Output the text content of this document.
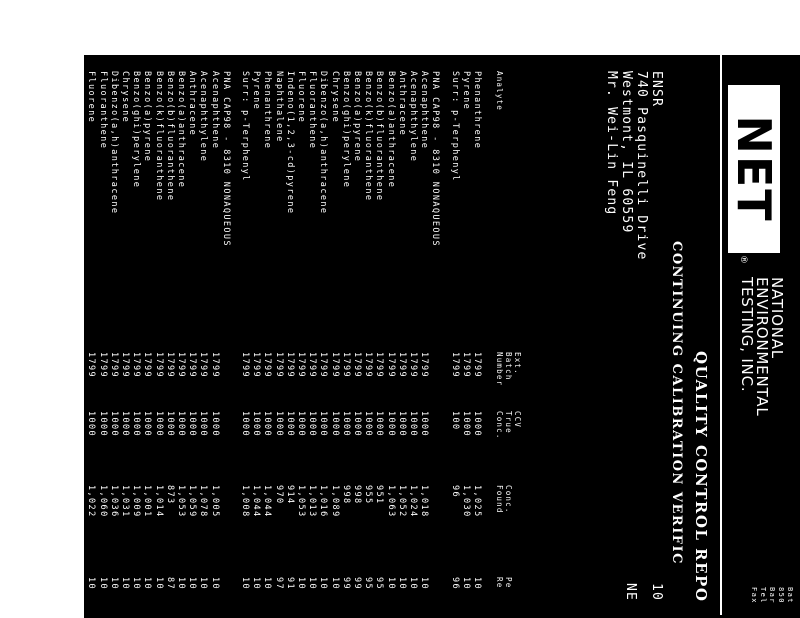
NET
®
NATIONAL
ENVIRONMENTAL
TESTING, INC.
Bat
850
Bar
Tel
Fax
QUALITY CONTROL REPO
CONTINUING CALIBRATION VERIFIC
10
NE
ENSR
740 Pasquinelli Drive
Westmont, IL 60559
Mr. Wei-Lin Feng
Analyte
Ext.
Batch
Number
CCV
True
Conc.
Conc.
Found
Pe
Re
Phenanthrene
1799
1000
1,025
10
Pyrene
1799
1000
1,030
10
Surr: p-Terphenyl
1799
100
96
96
PNA CAP98 - 8310 NONAQUEOUS
Acenaphthene
1799
1000
1,018
10
Acenaphthylene
1799
1000
1,024
10
Anthracene
1799
1000
1,052
10
Benzo(a)anthracene
1799
1000
1,063
10
Benzo(b)fluoranthene
1799
1000
951
95
Benzo(k)fluoranthene
1799
1000
955
95
Benzo(a)pyrene
1799
1000
998
99
Benzo(ghi)perylene
1799
1000
998
99
Chrysene
1799
1000
1,089
10
Dibenzo(a,h)anthracene
1799
1000
1,016
10
Fluoranthene
1799
1000
1,013
10
Fluorene
1799
1000
1,053
10
Indeno(1,2,3-cd)pyrene
1799
1000
914
91
Naphthalene
1799
1000
970
97
Phenanthrene
1799
1000
1,044
10
Pyrene
1799
1000
1,044
10
Surr: p-Terphenyl
1799
1000
1,008
10
PNA CAP98 - 8310 NONAQUEOUS
Acenaphthene
1799
1000
1,005
10
Acenaphthylene
1799
1000
1,078
10
Anthracene
1799
1000
1,059
10
Benzo(a)anthracene
1799
1000
1,053
10
Benzo(b)fluoranthene
1799
1000
873
87
Benzo(k)fluoranthene
1799
1000
1,014
10
Benzo(a)pyrene
1799
1000
1,001
10
Benzo(ghi)perylene
1799
1000
1,009
10
Chrysene
1799
1000
1,031
10
Dibenzo(a,h)anthracene
1799
1000
1,036
10
Fluoranthene
1799
1000
1,060
10
Fluorene
1799
1000
1,022
10
CCV - Continuing Calibration Verification
